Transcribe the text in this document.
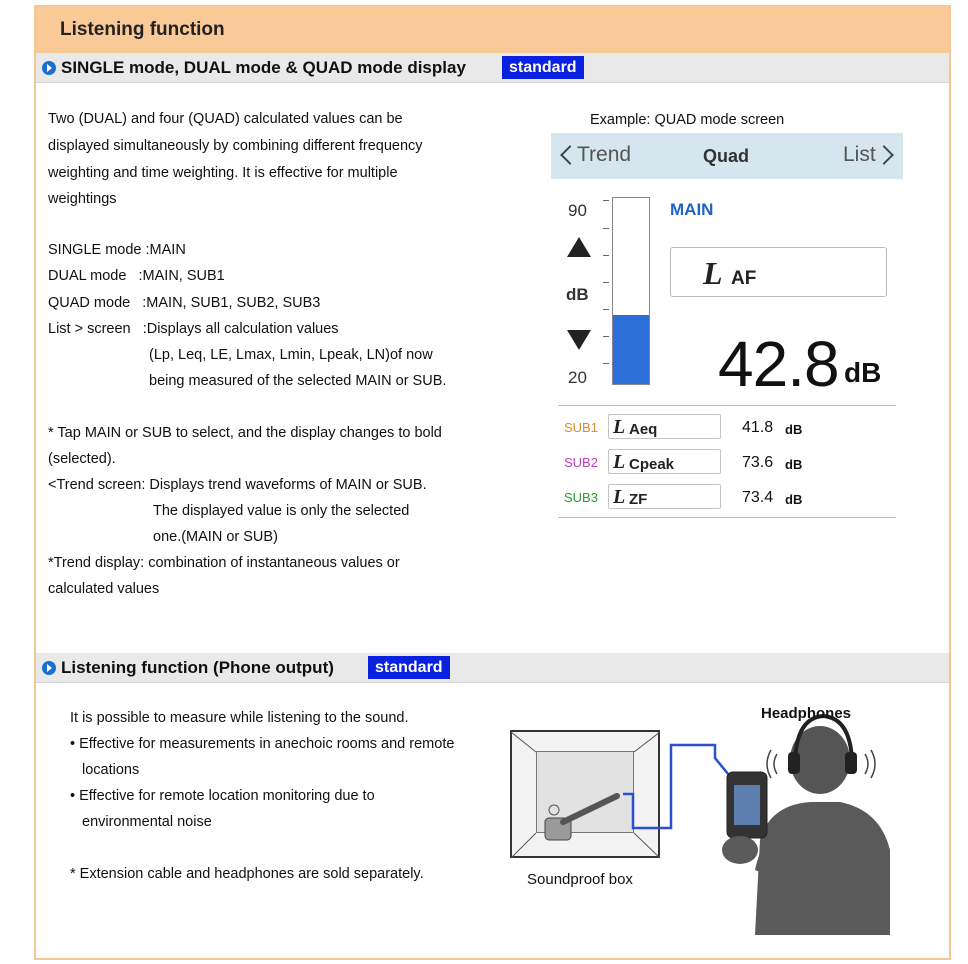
Listening function
SINGLE mode, DUAL mode & QUAD mode display	standard
Listening function (Phone output)	standard
Two (DUAL) and four (QUAD) calculated values can be
displayed simultaneously by combining different frequency
weighting and time weighting. It is effective for multiple
weightings
SINGLE mode :MAIN
DUAL mode   :MAIN, SUB1
QUAD mode   :MAIN, SUB1, SUB2, SUB3
List > screen   :Displays all calculation values
(Lp, Leq, LE, Lmax, Lmin, Lpeak, LN)of now
being measured of the selected MAIN or SUB.
* Tap MAIN or SUB to select, and the display changes to bold
(selected).
<Trend screen: Displays trend waveforms of MAIN or SUB.
The displayed value is only the selected
one.(MAIN or SUB)
*Trend display: combination of instantaneous values or
calculated values
Example: QUAD mode screen
Trend	Quad	List
90
dB
20
MAIN
L AF
42.8 dB
SUB1 L Aeq	41.8 dB
SUB2 L Cpeak	73.6 dB
SUB3 L ZF	73.4 dB
It is possible to measure while listening to the sound.
• Effective for measurements in anechoic rooms and remote
locations
• Effective for remote location monitoring due to
environmental noise
* Extension cable and headphones are sold separately.
Headphones
Soundproof box
